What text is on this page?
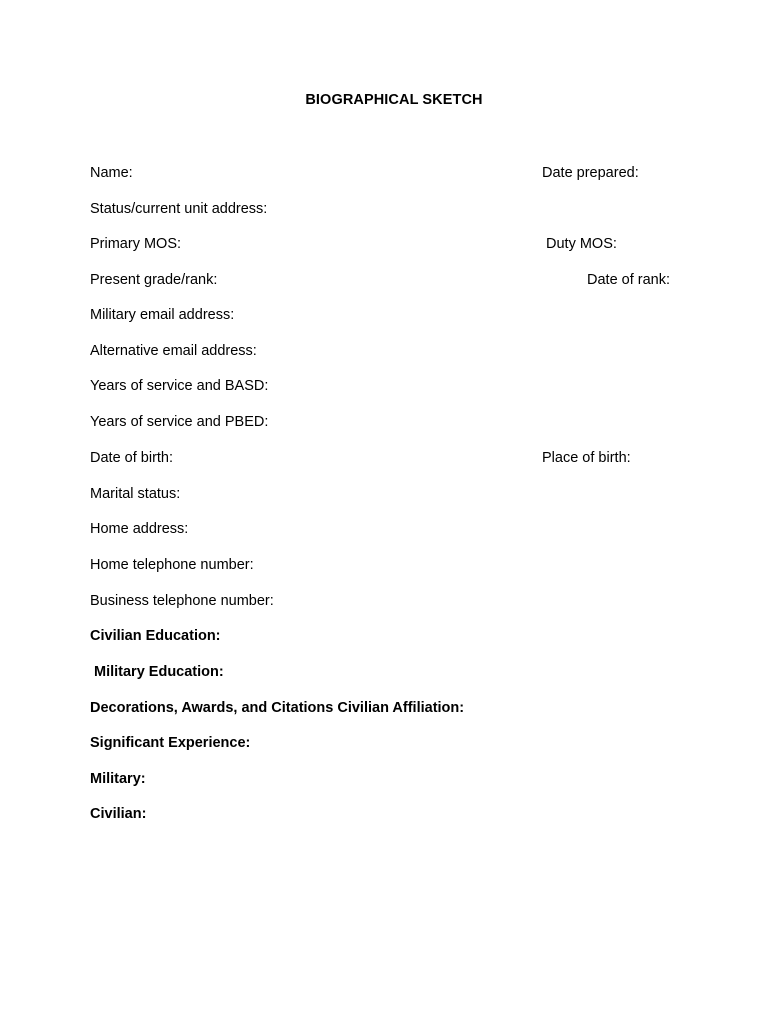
BIOGRAPHICAL SKETCH
Name:	Date prepared:
Status/current unit address:
Primary MOS:	Duty MOS:
Present grade/rank:	Date of rank:
Military email address:
Alternative email address:
Years of service and BASD:
Years of service and PBED:
Date of birth:	Place of birth:
Marital status:
Home address:
Home telephone number:
Business telephone number:
Civilian Education:
Military Education:
Decorations, Awards, and Citations Civilian Affiliation:
Significant Experience:
Military:
Civilian:
